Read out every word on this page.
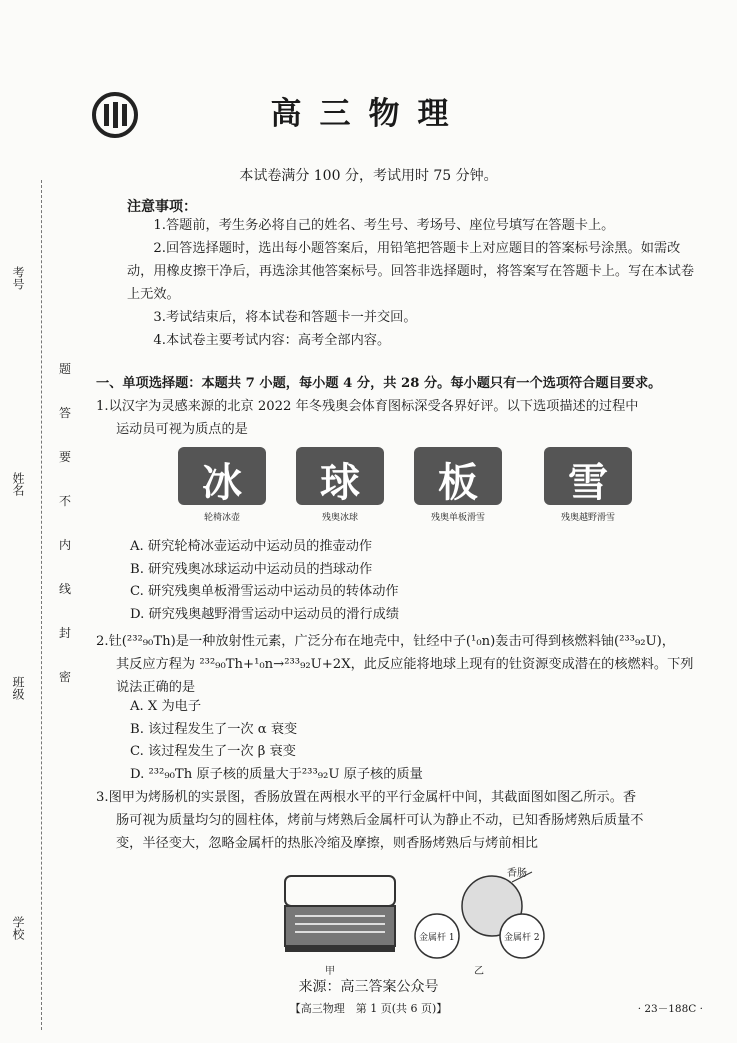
高三物理
本试卷满分 100 分，考试用时 75 分钟。
注意事项：

1.答题前，考生务必将自己的姓名、考生号、考场号、座位号填写在答题卡上。

2.回答选择题时，选出每小题答案后，用铅笔把答题卡上对应题目的答案标号涂黑。如需改动，用橡皮擦干净后，再选涂其他答案标号。回答非选择题时，将答案写在答题卡上。写在本试卷上无效。

3.考试结束后，将本试卷和答题卡一并交回。

4.本试卷主要考试内容：高考全部内容。

一、单项选择题：本题共 7 小题，每小题 4 分，共 28 分。每小题只有一个选项符合题目要求。
1.以汉字为灵感来源的北京 2022 年冬残奥会体育图标深受各界好评。以下选项描述的过程中
运动员可视为质点的是
冰
轮椅冰壶
球
残奥冰球
板
残奥单板滑雪
雪
残奥越野滑雪
A. 研究轮椅冰壶运动中运动员的推壶动作
B. 研究残奥冰球运动中运动员的挡球动作
C. 研究残奥单板滑雪运动中运动员的转体动作
D. 研究残奥越野滑雪运动中运动员的滑行成绩
2.钍(²³²₉₀Th)是一种放射性元素，广泛分布在地壳中，钍经中子(¹₀n)轰击可得到核燃料铀(²³³₉₂U)，
其反应方程为 ²³²₉₀Th+¹₀n→²³³₉₂U+2X，此反应能将地球上现有的钍资源变成潜在的核燃料。下列
说法正确的是
A. X 为电子
B. 该过程发生了一次 α 衰变
C. 该过程发生了一次 β 衰变
D. ²³²₉₀Th 原子核的质量大于²³³₉₂U 原子核的质量
3.图甲为烤肠机的实景图，香肠放置在两根水平的平行金属杆中间，其截面图如图乙所示。香
肠可视为质量均匀的圆柱体，烤前与烤熟后金属杆可认为静止不动，已知香肠烤熟后质量不
变，半径变大，忽略金属杆的热胀冷缩及摩擦，则香肠烤熟后与烤前相比
香肠
金属杆 1	金属杆 2
甲	乙
考号
姓名
班级
学校
题
答
要
不
内
线
封
密
来源：高三答案公众号
【高三物理　第 1 页(共 6 页)】	· 23－188C ·
